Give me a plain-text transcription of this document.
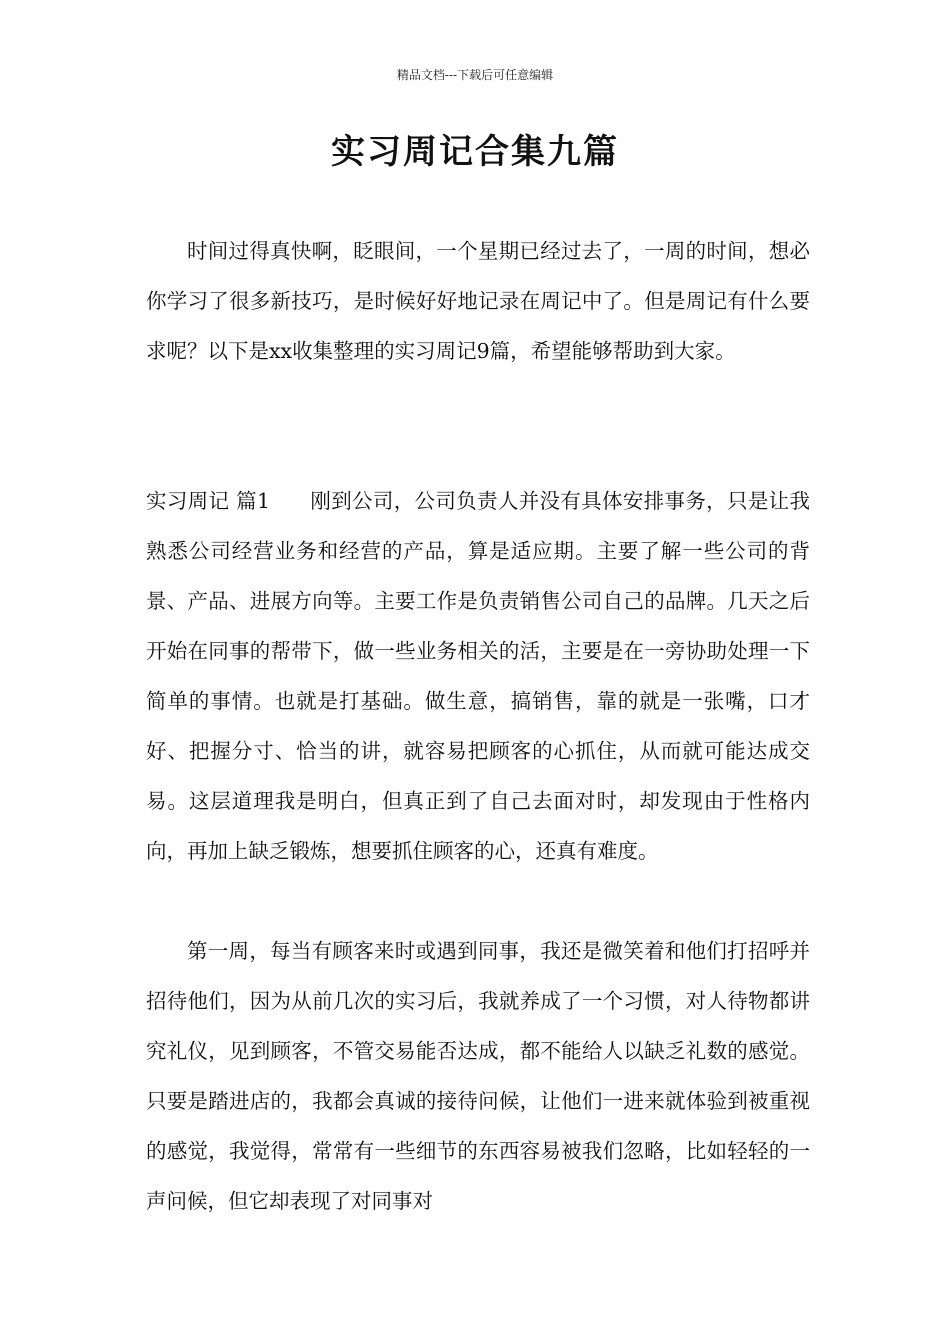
精品文档---下载后可任意编辑
实习周记合集九篇

时间过得真快啊，眨眼间，一个星期已经过去了，一周的时间，想必你学习了很多新技巧，是时候好好地记录在周记中了。但是周记有什么要求呢？以下是xx收集整理的实习周记9篇，希望能够帮助到大家。

实习周记 篇1 刚到公司，公司负责人并没有具体安排事务，只是让我熟悉公司经营业务和经营的产品，算是适应期。主要了解一些公司的背景、产品、进展方向等。主要工作是负责销售公司自己的品牌。几天之后开始在同事的帮带下，做一些业务相关的活，主要是在一旁协助处理一下简单的事情。也就是打基础。做生意，搞销售，靠的就是一张嘴，口才好、把握分寸、恰当的讲，就容易把顾客的心抓住，从而就可能达成交易。这层道理我是明白，但真正到了自己去面对时，却发现由于性格内向，再加上缺乏锻炼，想要抓住顾客的心，还真有难度。

第一周，每当有顾客来时或遇到同事，我还是微笑着和他们打招呼并招待他们，因为从前几次的实习后，我就养成了一个习惯，对人待物都讲究礼仪，见到顾客，不管交易能否达成，都不能给人以缺乏礼数的感觉。只要是踏进店的，我都会真诚的接待问候，让他们一进来就体验到被重视的感觉，我觉得，常常有一些细节的东西容易被我们忽略，比如轻轻的一声问候，但它却表现了对同事对
